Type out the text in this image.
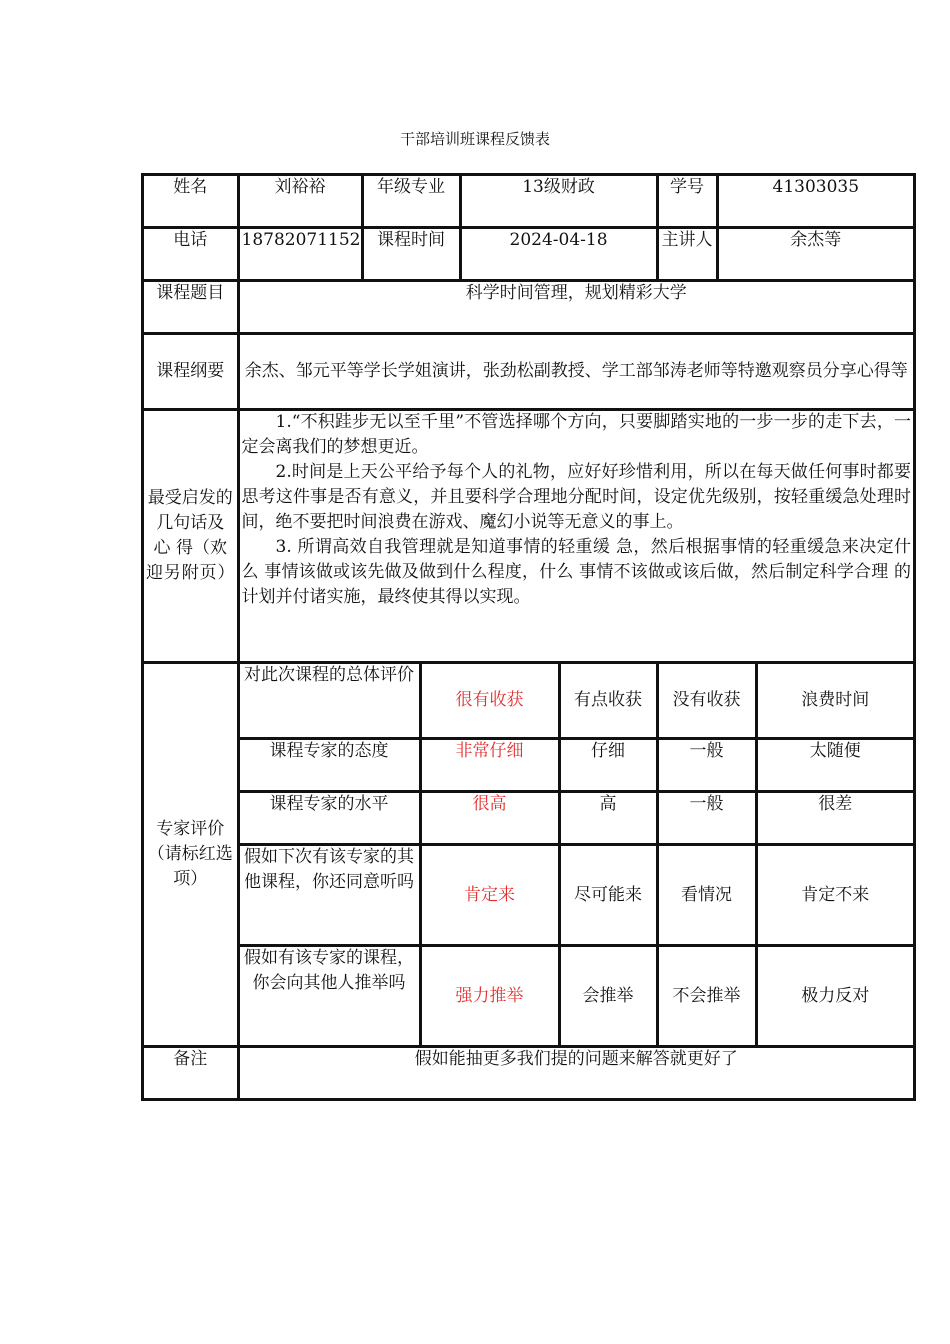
干部培训班课程反馈表
姓名	刘裕裕	年级专业		13级财政		学号	41303035	
电话	18782071152	课程时间		2024-04-18		主讲人	余杰等	
课程题目	科学时间管理，规划精彩大学							
课程纲要	余杰、邹元平等学长学姐演讲，张劲松副教授、学工部邹涛老师等特邀观察员分享心得等							
最受启发的几句话及 心 得（欢迎另附页）	1.“不积跬步无以至千里”不管选择哪个方向，只要脚踏实地的一步一步的走下去，一定会离我们的梦想更近。

2.时间是上天公平给予每个人的礼物，应好好珍惜利用，所以在每天做任何事时都要思考这件事是否有意义，并且要科学合理地分配时间，设定优先级别，按轻重缓急处理时间，绝不要把时间浪费在游戏、魔幻小说等无意义的事上。

3. 所谓高效自我管理就是知道事情的轻重缓 急，然后根据事情的轻重缓急来决定什么 事情该做或该先做及做到什么程度，什么 事情不该做或该后做，然后制定科学合理 的计划并付诸实施，最终使其得以实现。							

专家评价（请标红选项）	对此次课程的总体评价		很有收获		有点收获	没有收获		浪费时间
	课程专家的态度		非常仔细		仔细	一般		太随便
	课程专家的水平		很高		高	一般		很差
	假如下次有该专家的其他课程，你还同意听吗		肯定来		尽可能来	看情况		肯定不来
	假如有该专家的课程，你会向其他人推举吗		强力推举		会推举	不会推举		极力反对
备注	假如能抽更多我们提的问题来解答就更好了							
